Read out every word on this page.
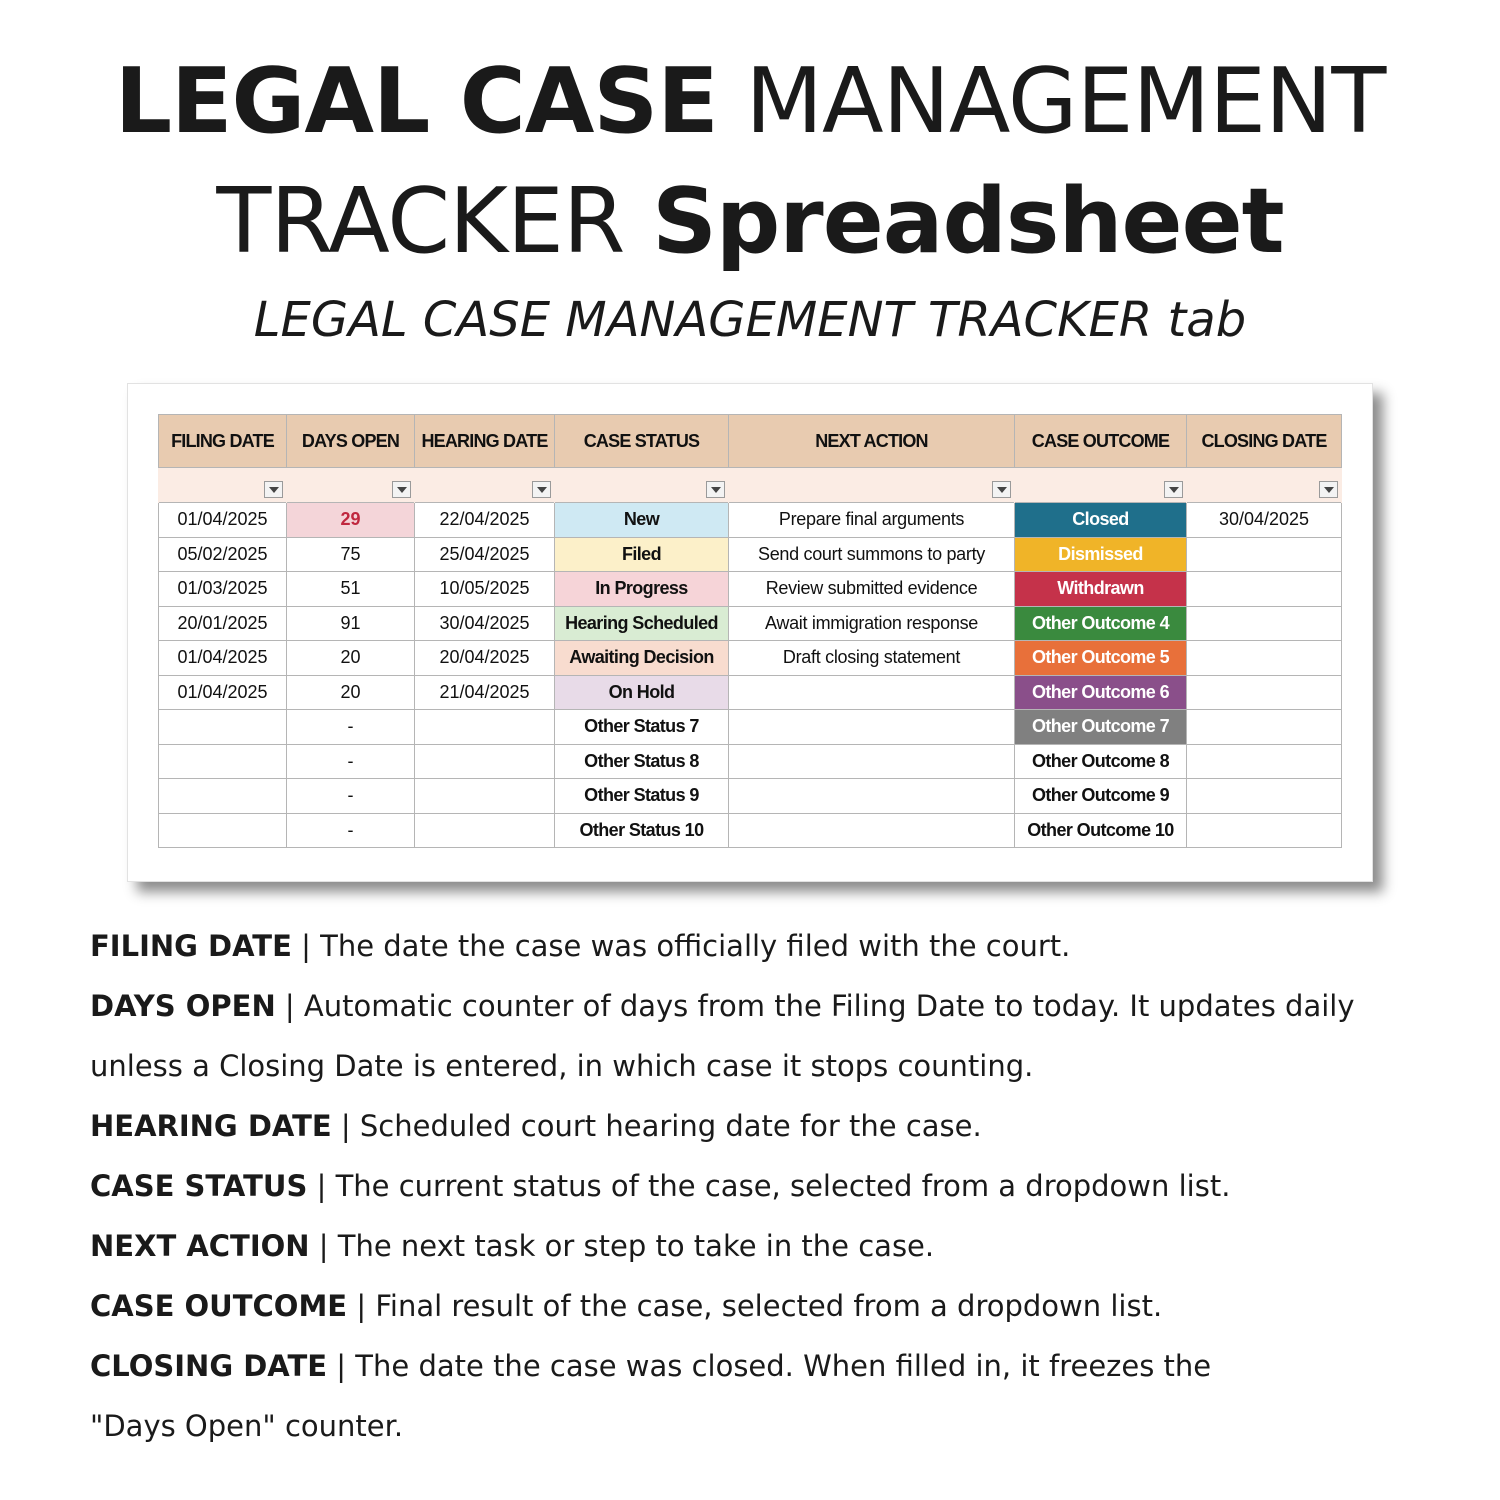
LEGAL CASE MANAGEMENT
TRACKER Spreadsheet
LEGAL CASE MANAGEMENT TRACKER tab
FILING DATE	DAYS OPEN	HEARING DATE	CASE STATUS	NEXT ACTION	CASE OUTCOME	CLOSING DATE

01/04/2025	29	22/04/2025	New	Prepare final arguments	Closed	30/04/2025
05/02/2025	75	25/04/2025	Filed	Send court summons to party	Dismissed	
01/03/2025	51	10/05/2025	In Progress	Review submitted evidence	Withdrawn	
20/01/2025	91	30/04/2025	Hearing Scheduled	Await immigration response	Other Outcome 4	
01/04/2025	20	20/04/2025	Awaiting Decision	Draft closing statement	Other Outcome 5	
01/04/2025	20	21/04/2025	On Hold		Other Outcome 6	
	-		Other Status 7		Other Outcome 7	
	-		Other Status 8		Other Outcome 8	
	-		Other Status 9		Other Outcome 9	
	-		Other Status 10		Other Outcome 10	
FILING DATE | The date the case was officially filed with the court.
DAYS OPEN | Automatic counter of days from the Filing Date to today. It updates daily
unless a Closing Date is entered, in which case it stops counting.
HEARING DATE | Scheduled court hearing date for the case.
CASE STATUS | The current status of the case, selected from a dropdown list.
NEXT ACTION | The next task or step to take in the case.
CASE OUTCOME | Final result of the case, selected from a dropdown list.
CLOSING DATE | The date the case was closed. When filled in, it freezes the
"Days Open" counter.
